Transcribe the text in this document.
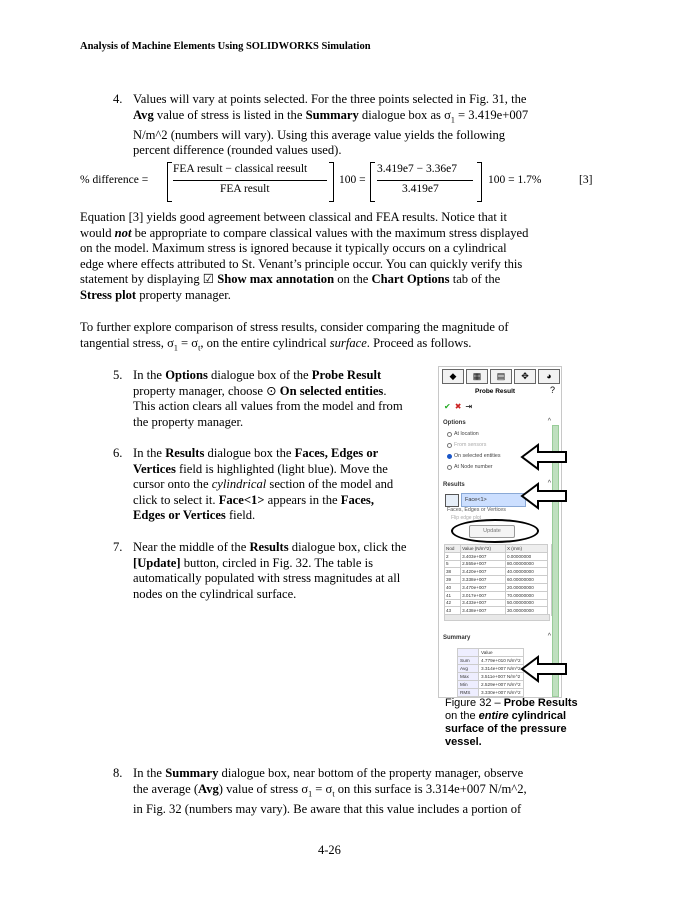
Analysis of Machine Elements Using SOLIDWORKS Simulation
4. Values will vary at points selected. For the three points selected in Fig. 31, the
Avg value of stress is listed in the Summary dialogue box as $\sigma_1 = 3.419e+007$
N/m^2 (numbers will vary). Using this average value yields the following
percent difference (rounded values used).
% difference =
FEA result − classical reesult
FEA result
100 =
3.419e7 − 3.36e7
3.419e7
100 = 1.7%	[3]
Equation [3] yields good agreement between classical and FEA results. Notice that it
would not be appropriate to compare classical values with the maximum stress displayed
on the model. Maximum stress is ignored because it typically occurs on a cylindrical
edge where effects attributed to St. Venant’s principle occur. You can quickly verify this
statement by displaying ☑ Show max annotation on the Chart Options tab of the
Stress plot property manager.
To further explore comparison of stress results, consider comparing the magnitude of
tangential stress, $\sigma_1 = \sigma_t$, on the entire cylindrical surface. Proceed as follows.
5. In the Options dialogue box of the Probe Result
property manager, choose ⊙ On selected entities.
This action clears all values from the model and from
the property manager.
6. In the Results dialogue box the Faces, Edges or
Vertices field is highlighted (light blue). Move the
cursor onto the cylindrical section of the model and
click to select it. Face<1> appears in the Faces,
Edges or Vertices field.
7. Near the middle of the Results dialogue box, click the
[Update] button, circled in Fig. 32. The table is
automatically populated with stress magnitudes at all
nodes on the cylindrical surface.
◆	▦	▤	✥	◕
Probe Result	?
✔✖⇥
Options	^
At location
From sensors
On selected entities
At Node number
Results	^
Face<1>
Faces, Edges or Vertices
Flip edge plot
Update
Nod	Value (N/m^2)	X (mm)
2	3.403e+007	0.00000000
5	2.555e+007	80.00000000
38	3.420e+007	40.00000000
39	3.338e+007	60.00000000
40	3.470e+007	20.00000000
41	3.017e+007	70.00000000
42	3.433e+007	50.00000000
43	3.438e+007	30.00000000
Summary	^
	Value
Sum	4.779e+010 N/m^2
Avg	3.314e+007 N/m^2
Max	3.511e+007 N/m^2
Min	2.529e+007 N/m^2
RMS	3.330e+007 N/m^2
Figure 32 – Probe Results on the entire cylindrical surface of the pressure vessel.
8. In the Summary dialogue box, near bottom of the property manager, observe
the average (Avg) value of stress $\sigma_1 = \sigma_t$ on this surface is 3.314e+007 N/m^2,
in Fig. 32 (numbers may vary). Be aware that this value includes a portion of
4-26
